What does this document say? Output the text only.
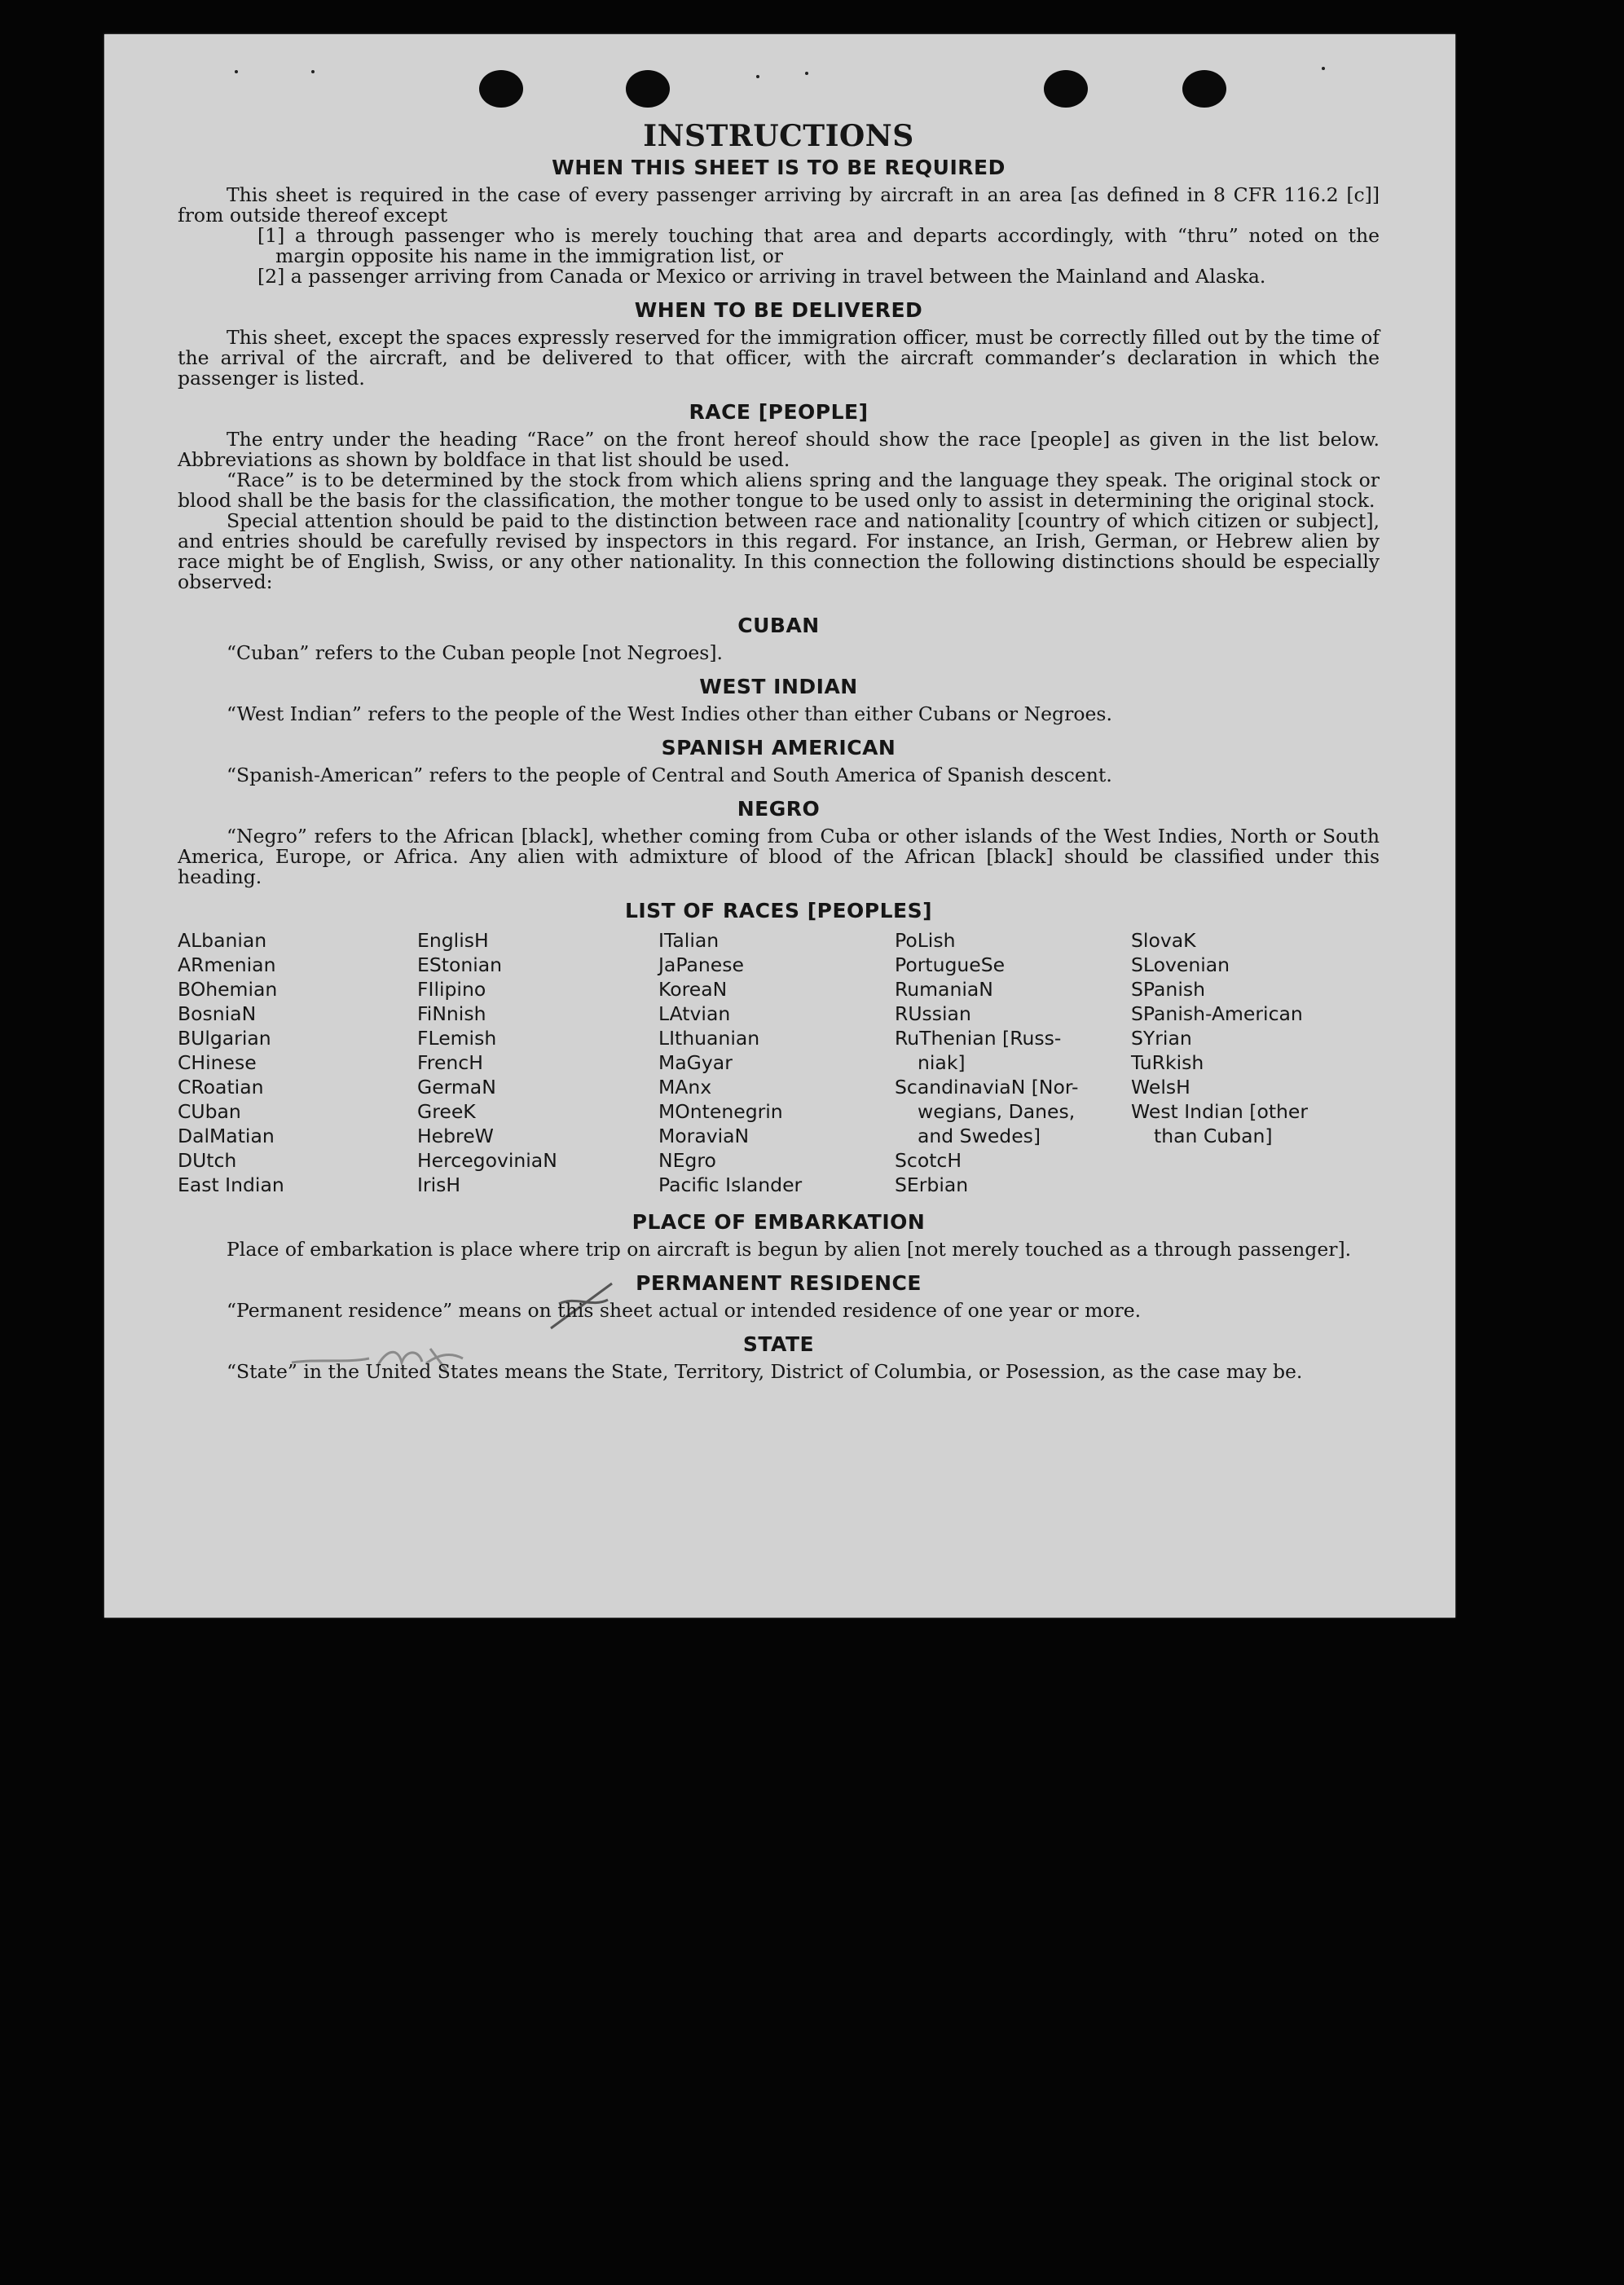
INSTRUCTIONS
WHEN THIS SHEET IS TO BE REQUIRED

This sheet is required in the case of every passenger arriving by aircraft in an area [as defined in 8 CFR 116.2 [c]] from outside thereof except

[1] a through passenger who is merely touching that area and departs accordingly, with “thru” noted on the margin opposite his name in the immigration list, or

[2] a passenger arriving from Canada or Mexico or arriving in travel between the Mainland and Alaska.

WHEN TO BE DELIVERED

This sheet, except the spaces expressly reserved for the immigration officer, must be correctly filled out by the time of the arrival of the aircraft, and be delivered to that officer, with the aircraft commander’s declaration in which the passenger is listed.

RACE [PEOPLE]

The entry under the heading “Race” on the front hereof should show the race [people] as given in the list below. Abbreviations as shown by boldface in that list should be used.

“Race” is to be determined by the stock from which aliens spring and the language they speak. The original stock or blood shall be the basis for the classification, the mother tongue to be used only to assist in determining the original stock.

Special attention should be paid to the distinction between race and nationality [country of which citizen or subject], and entries should be carefully revised by inspectors in this regard. For instance, an Irish, German, or Hebrew alien by race might be of English, Swiss, or any other nationality. In this connection the following distinctions should be especially observed:

CUBAN

“Cuban” refers to the Cuban people [not Negroes].

WEST INDIAN

“West Indian” refers to the people of the West Indies other than either Cubans or Negroes.

SPANISH AMERICAN

“Spanish-American” refers to the people of Central and South America of Spanish descent.

NEGRO

“Negro” refers to the African [black], whether coming from Cuba or other islands of the West Indies, North or South America, Europe, or Africa. Any alien with admixture of blood of the African [black] should be classified under this heading.

LIST OF RACES [PEOPLES]
ALbanian
ARmenian
BOhemian
BosniaN
BUlgarian
CHinese
CRoatian
CUban
DalMatian
DUtch
East Indian
EnglisH
EStonian
FIlipino
FiNnish
FLemish
FrencH
GermaN
GreeK
HebreW
HercegoviniaN
IrisH
ITalian
JaPanese
KoreaN
LAtvian
LIthuanian
MaGyar
MAnx
MOntenegrin
MoraviaN
NEgro
Pacific Islander
PoLish
PortugueSe
RumaniaN
RUssian
RuThenian [Russ-
niak]
ScandinaviaN [Nor-
wegians, Danes,
and Swedes]
ScotcH
SErbian
SlovaK
SLovenian
SPanish
SPanish-American
SYrian
TuRkish
WelsH
West Indian [other
than Cuban]
PLACE OF EMBARKATION

Place of embarkation is place where trip on aircraft is begun by alien [not merely touched as a through passenger].

PERMANENT RESIDENCE

“Permanent residence” means on this sheet actual or intended residence of one year or more.

STATE

“State” in the United States means the State, Territory, District of Columbia, or Posession, as the case may be.
